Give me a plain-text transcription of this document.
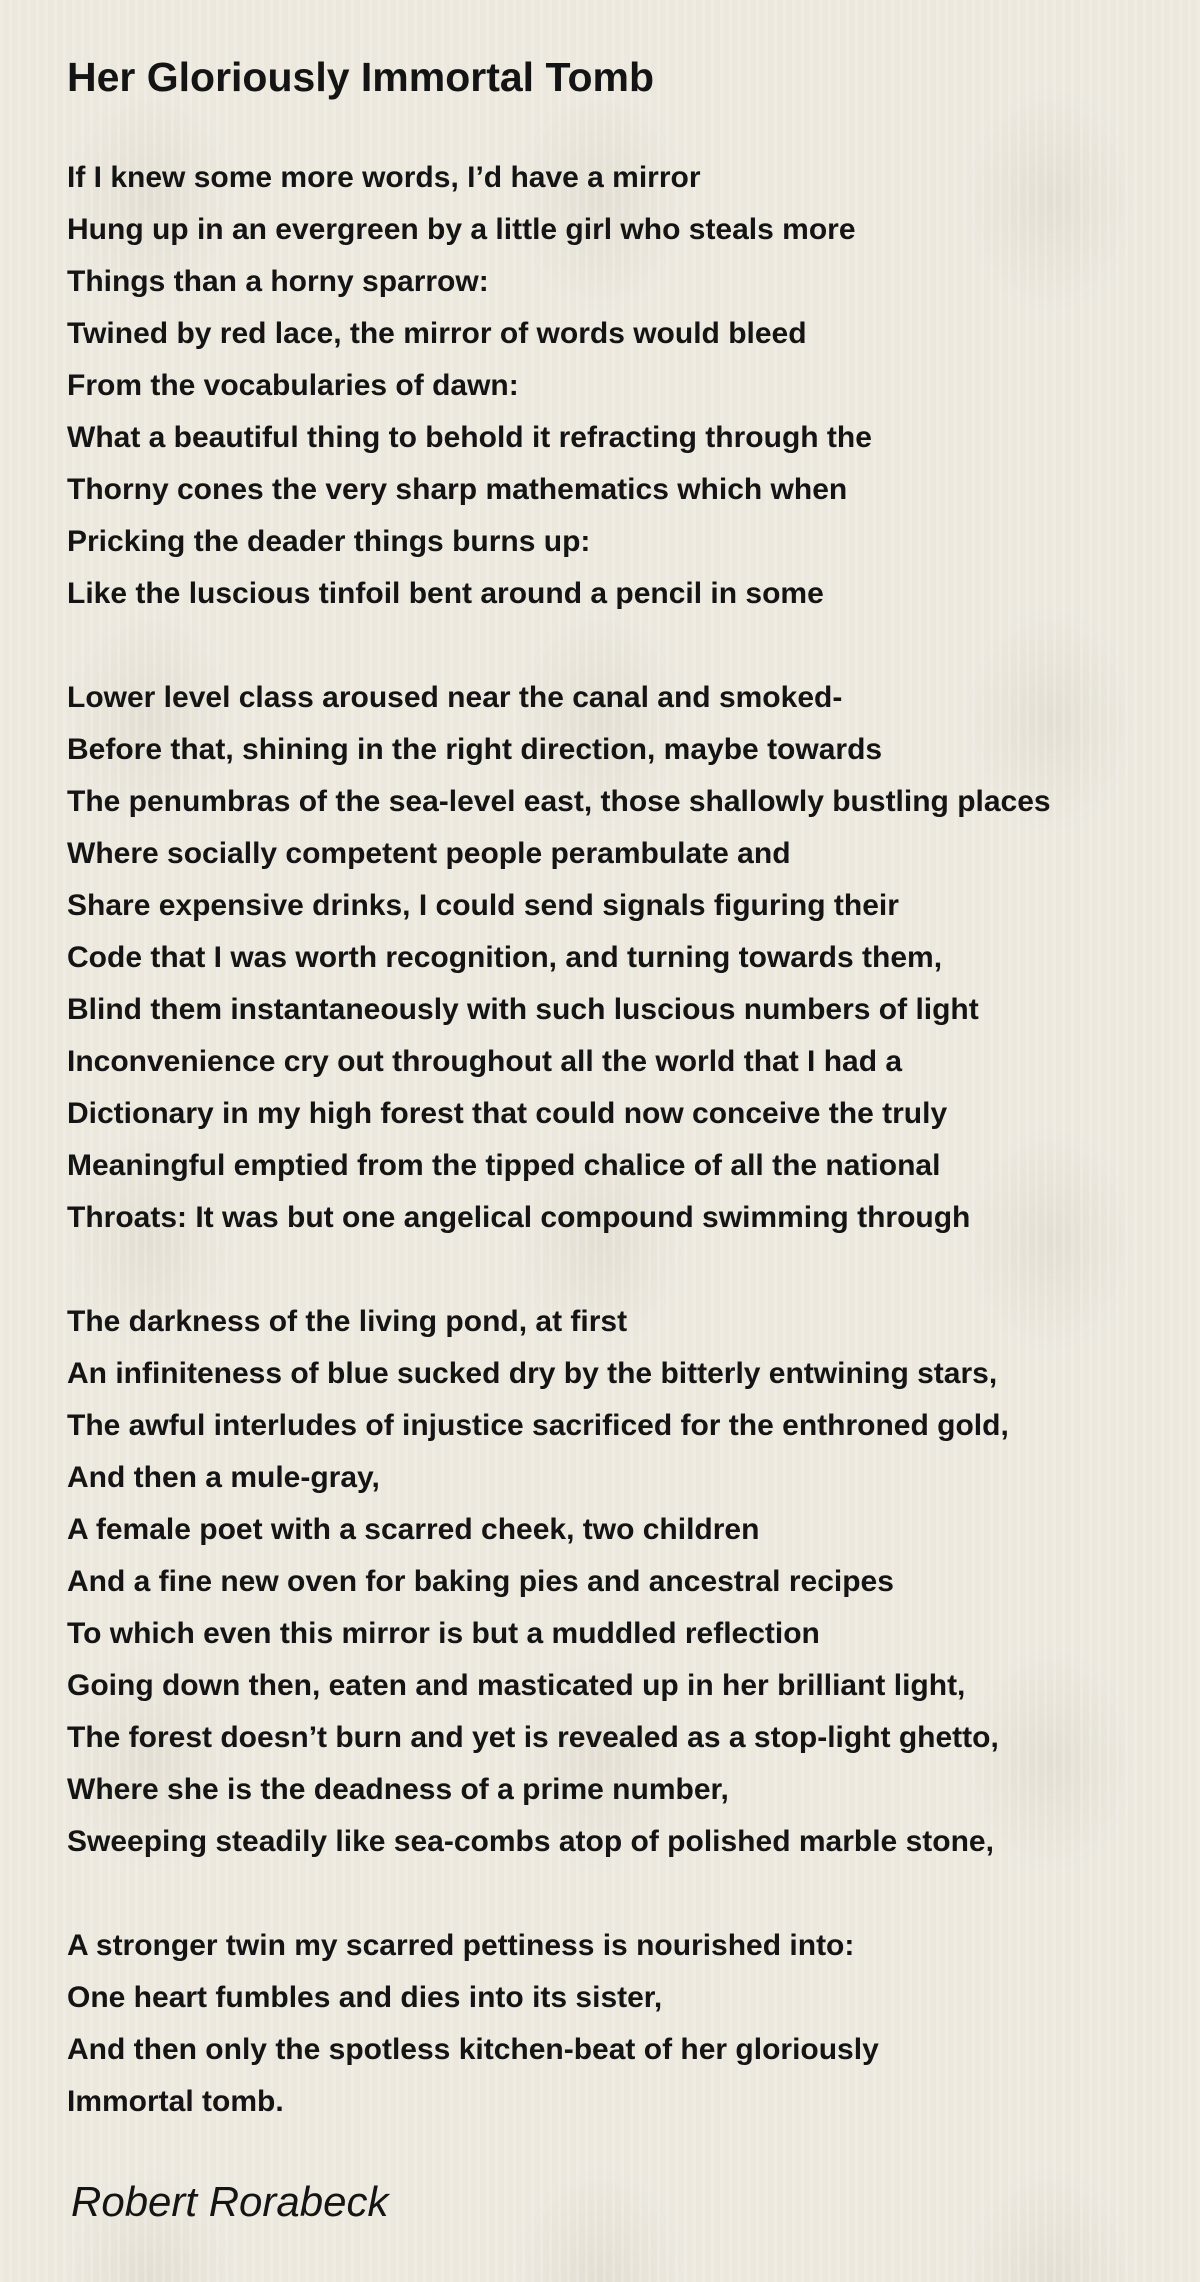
Her Gloriously Immortal Tomb
If I knew some more words, I’d have a mirror
Hung up in an evergreen by a little girl who steals more
Things than a horny sparrow:
Twined by red lace, the mirror of words would bleed
From the vocabularies of dawn:
What a beautiful thing to behold it refracting through the
Thorny cones the very sharp mathematics which when
Pricking the deader things burns up:
Like the luscious tinfoil bent around a pencil in some
Lower level class aroused near the canal and smoked-
Before that, shining in the right direction, maybe towards
The penumbras of the sea-level east, those shallowly bustling places
Where socially competent people perambulate and
Share expensive drinks, I could send signals figuring their
Code that I was worth recognition, and turning towards them,
Blind them instantaneously with such luscious numbers of light
Inconvenience cry out throughout all the world that I had a
Dictionary in my high forest that could now conceive the truly
Meaningful emptied from the tipped chalice of all the national
Throats: It was but one angelical compound swimming through
The darkness of the living pond, at first
An infiniteness of blue sucked dry by the bitterly entwining stars,
The awful interludes of injustice sacrificed for the enthroned gold,
And then a mule-gray,
A female poet with a scarred cheek, two children
And a fine new oven for baking pies and ancestral recipes
To which even this mirror is but a muddled reflection
Going down then, eaten and masticated up in her brilliant light,
The forest doesn’t burn and yet is revealed as a stop-light ghetto,
Where she is the deadness of a prime number,
Sweeping steadily like sea-combs atop of polished marble stone,
A stronger twin my scarred pettiness is nourished into:
One heart fumbles and dies into its sister,
And then only the spotless kitchen-beat of her gloriously
Immortal tomb.
Robert Rorabeck
